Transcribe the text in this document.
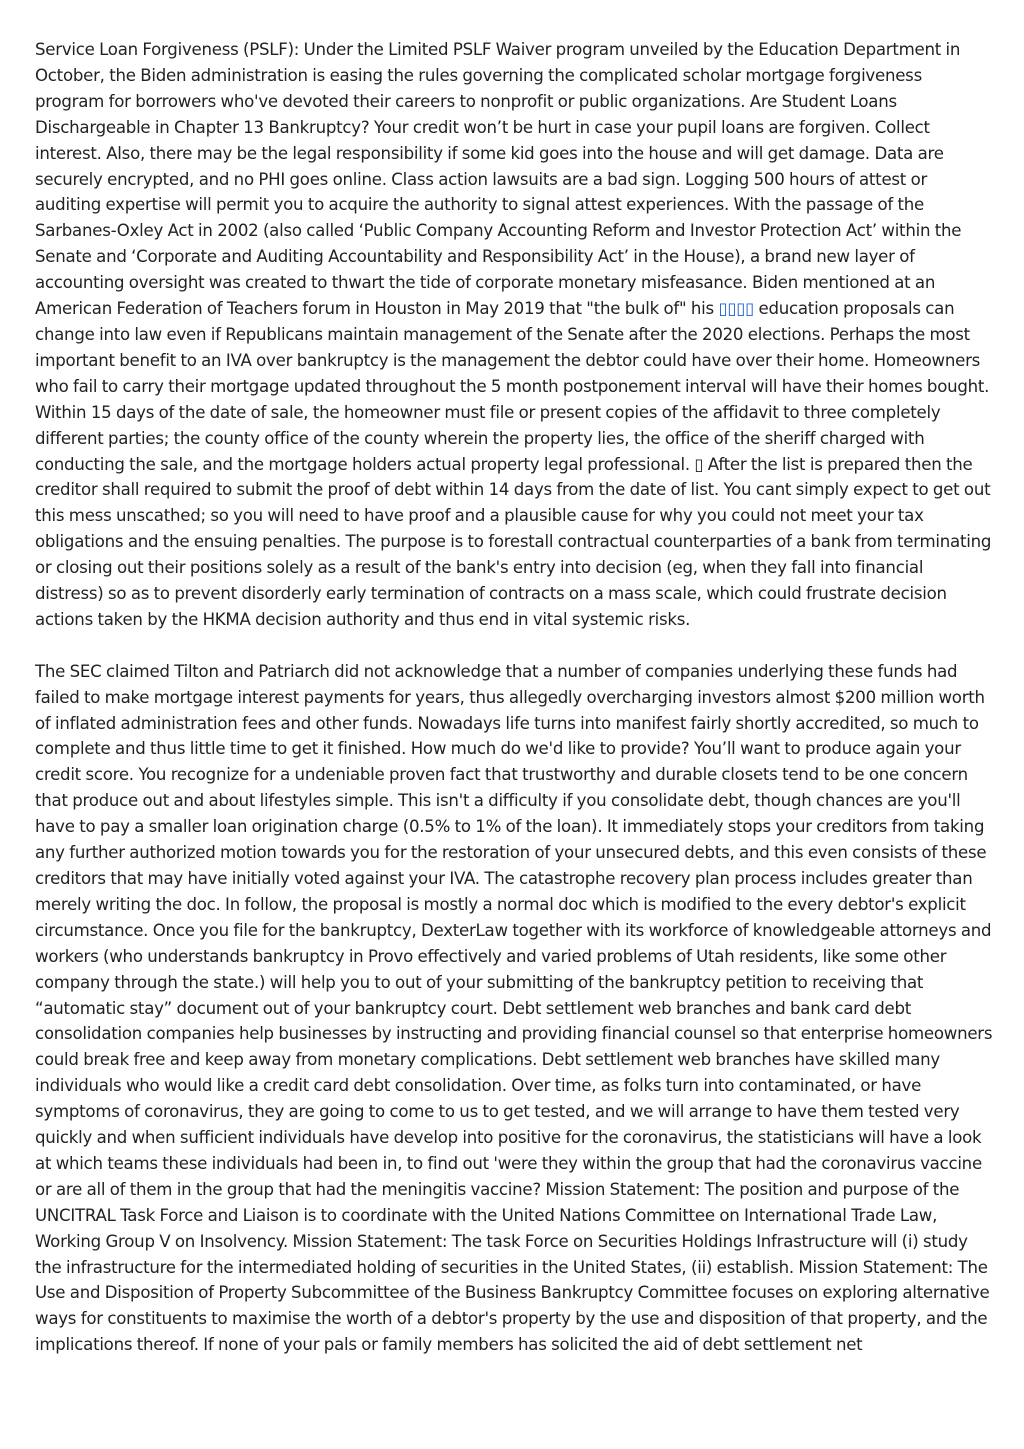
Service Loan Forgiveness (PSLF): Under the Limited PSLF Waiver program unveiled by the Education Department in October, the Biden administration is easing the rules governing the complicated scholar mortgage forgiveness program for borrowers who've devoted their careers to nonprofit or public organizations. Are Student Loans Dischargeable in Chapter 13 Bankruptcy? Your credit won’t be hurt in case your pupil loans are forgiven. Collect interest. Also, there may be the legal responsibility if some kid goes into the house and will get damage. Data are securely encrypted, and no PHI goes online. Class action lawsuits are a bad sign. Logging 500 hours of attest or auditing expertise will permit you to acquire the authority to signal attest experiences. With the passage of the Sarbanes-Oxley Act in 2002 (also called ‘Public Company Accounting Reform and Investor Protection Act’ within the Senate and ‘Corporate and Auditing Accountability and Responsibility Act’ in the House), a brand new layer of accounting oversight was created to thwart the tide of corporate monetary misfeasance. Biden mentioned at an American Federation of Teachers forum in Houston in May 2019 that "the bulk of" his ▯▯▯▯ education proposals can change into law even if Republicans maintain management of the Senate after the 2020 elections. Perhaps the most important benefit to an IVA over bankruptcy is the management the debtor could have over their home. Homeowners who fail to carry their mortgage updated throughout the 5 month postponement interval will have their homes bought. Within 15 days of the date of sale, the homeowner must file or present copies of the affidavit to three completely different parties; the county office of the county wherein the property lies, the office of the sheriff charged with conducting the sale, and the mortgage holders actual property legal professional. ▯ After the list is prepared then the creditor shall required to submit the proof of debt within 14 days from the date of list. You cant simply expect to get out this mess unscathed; so you will need to have proof and a plausible cause for why you could not meet your tax obligations and the ensuing penalties. The purpose is to forestall contractual counterparties of a bank from terminating or closing out their positions solely as a result of the bank's entry into decision (eg, when they fall into financial distress) so as to prevent disorderly early termination of contracts on a mass scale, which could frustrate decision actions taken by the HKMA decision authority and thus end in vital systemic risks.

The SEC claimed Tilton and Patriarch did not acknowledge that a number of companies underlying these funds had failed to make mortgage interest payments for years, thus allegedly overcharging investors almost $200 million worth of inflated administration fees and other funds. Nowadays life turns into manifest fairly shortly accredited, so much to complete and thus little time to get it finished. How much do we'd like to provide? You’ll want to produce again your credit score. You recognize for a undeniable proven fact that trustworthy and durable closets tend to be one concern that produce out and about lifestyles simple. This isn't a difficulty if you consolidate debt, though chances are you'll have to pay a smaller loan origination charge (0.5% to 1% of the loan). It immediately stops your creditors from taking any further authorized motion towards you for the restoration of your unsecured debts, and this even consists of these creditors that may have initially voted against your IVA. The catastrophe recovery plan process includes greater than merely writing the doc. In follow, the proposal is mostly a normal doc which is modified to the every debtor's explicit circumstance. Once you file for the bankruptcy, DexterLaw together with its workforce of knowledgeable attorneys and workers (who understands bankruptcy in Provo effectively and varied problems of Utah residents, like some other company through the state.) will help you to out of your submitting of the bankruptcy petition to receiving that “automatic stay” document out of your bankruptcy court. Debt settlement web branches and bank card debt consolidation companies help businesses by instructing and providing financial counsel so that enterprise homeowners could break free and keep away from monetary complications. Debt settlement web branches have skilled many individuals who would like a credit card debt consolidation. Over time, as folks turn into contaminated, or have symptoms of coronavirus, they are going to come to us to get tested, and we will arrange to have them tested very quickly and when sufficient individuals have develop into positive for the coronavirus, the statisticians will have a look at which teams these individuals had been in, to find out 'were they within the group that had the coronavirus vaccine or are all of them in the group that had the meningitis vaccine? Mission Statement: The position and purpose of the UNCITRAL Task Force and Liaison is to coordinate with the United Nations Committee on International Trade Law, Working Group V on Insolvency. Mission Statement: The task Force on Securities Holdings Infrastructure will (i) study the infrastructure for the intermediated holding of securities in the United States, (ii) establish. Mission Statement: The Use and Disposition of Property Subcommittee of the Business Bankruptcy Committee focuses on exploring alternative ways for constituents to maximise the worth of a debtor's property by the use and disposition of that property, and the implications thereof. If none of your pals or family members has solicited the aid of debt settlement net
